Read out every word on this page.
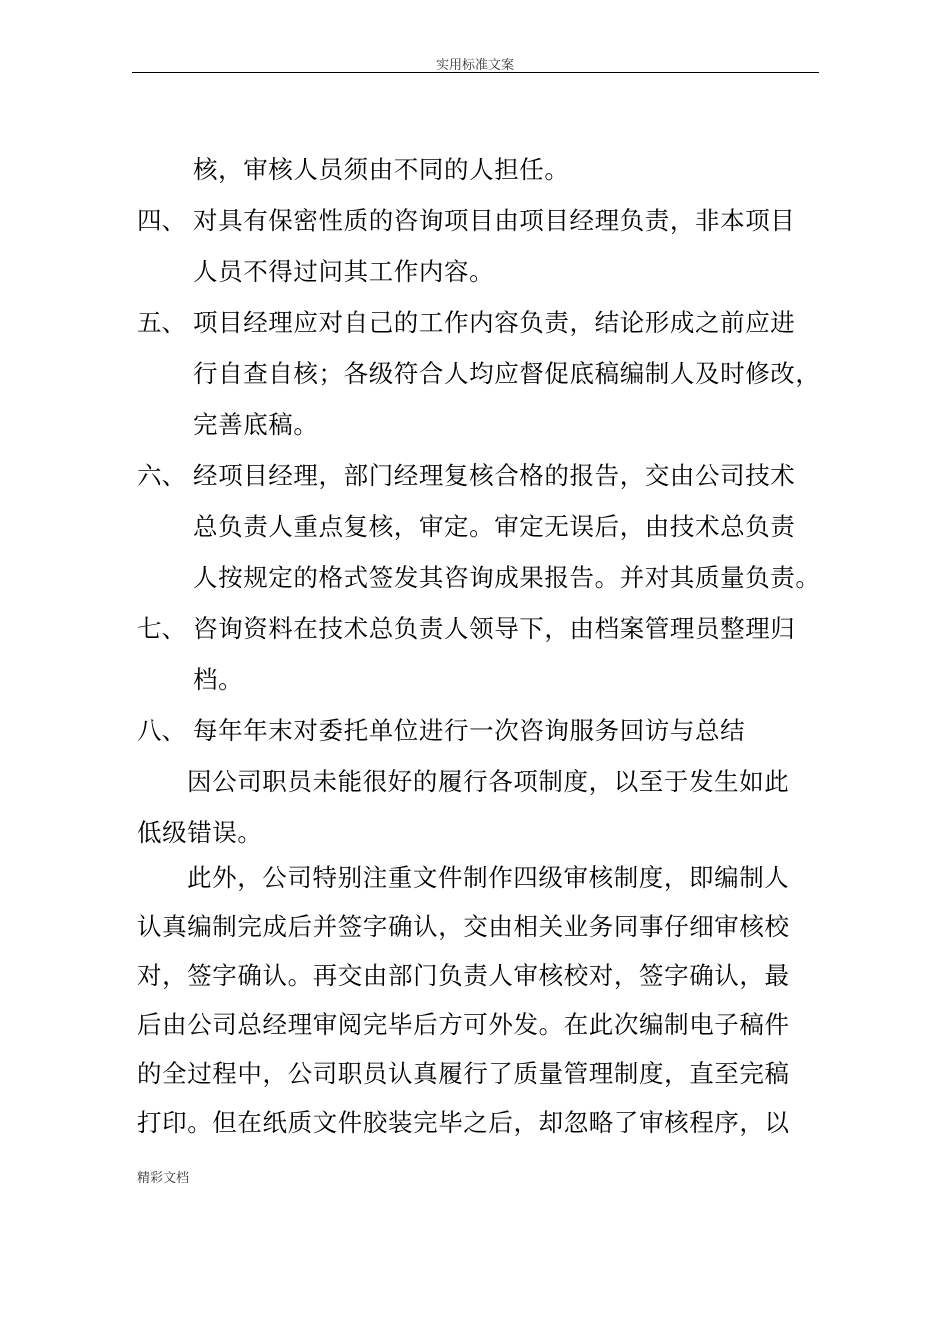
实用标准文案
核，审核人员须由不同的人担任。
四、 对具有保密性质的咨询项目由项目经理负责，非本项目
人员不得过问其工作内容。
五、 项目经理应对自己的工作内容负责，结论形成之前应进
行自查自核；各级符合人均应督促底稿编制人及时修改，
完善底稿。
六、 经项目经理，部门经理复核合格的报告，交由公司技术
总负责人重点复核，审定。审定无误后，由技术总负责
人按规定的格式签发其咨询成果报告。并对其质量负责。
七、 咨询资料在技术总负责人领导下，由档案管理员整理归
档。
八、 每年年末对委托单位进行一次咨询服务回访与总结
因公司职员未能很好的履行各项制度，以至于发生如此
低级错误。
此外，公司特别注重文件制作四级审核制度，即编制人
认真编制完成后并签字确认，交由相关业务同事仔细审核校
对，签字确认。再交由部门负责人审核校对，签字确认，最
后由公司总经理审阅完毕后方可外发。在此次编制电子稿件
的全过程中，公司职员认真履行了质量管理制度，直至完稿
打印。但在纸质文件胶装完毕之后，却忽略了审核程序，以
精彩文档
